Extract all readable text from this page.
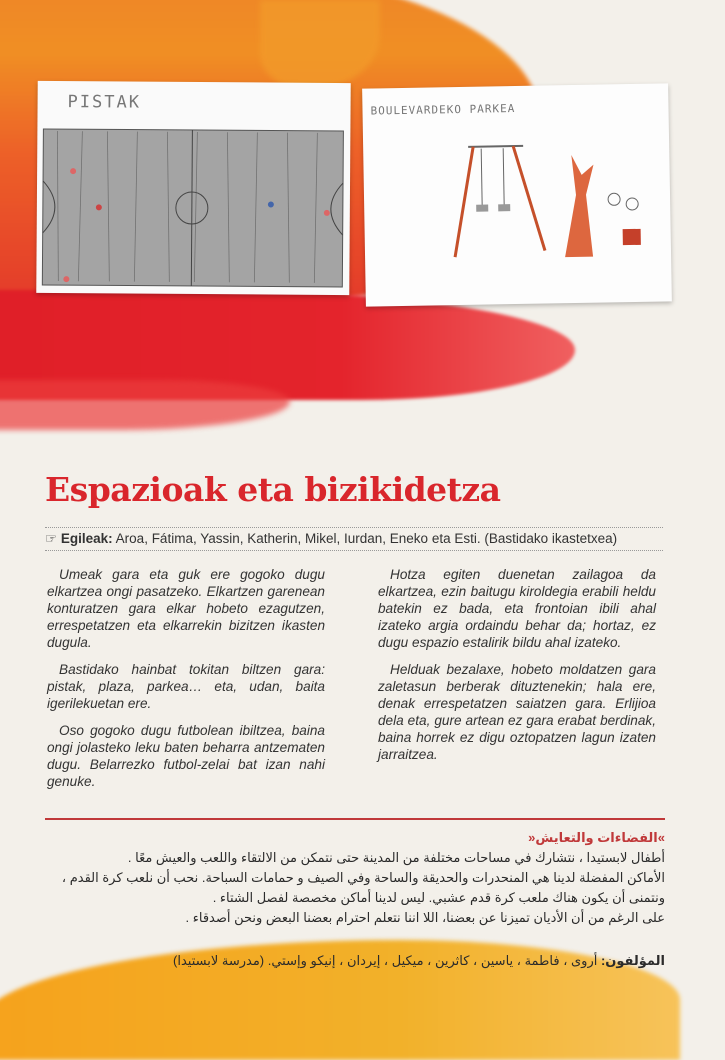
PISTAK	BOULEVARDEKO PARKEA
Espazioak eta bizikidetza
☞ Egileak: Aroa, Fátima, Yassin, Katherin, Mikel, Iurdan, Eneko eta Esti. (Bastidako ikastetxea)

Umeak gara eta guk ere gogoko dugu elkartzea ongi pasatzeko. Elkartzen garenean konturatzen gara elkar hobeto ezagutzen, errespetatzen eta elkarrekin bizitzen ikasten dugula.

Bastidako hainbat tokitan biltzen gara: pistak, plaza, parkea… eta, udan, baita igerilekuetan ere.

Oso gogoko dugu futbolean ibiltzea, baina ongi jolasteko leku baten beharra antzematen dugu. Belarrezko futbol-zelai bat izan nahi genuke.

Hotza egiten duenetan zailagoa da elkartzea, ezin baitugu kiroldegia erabili heldu batekin ez bada, eta frontoian ibili ahal izateko argia ordaindu behar da; hortaz, ez dugu espazio estalirik bildu ahal izateko.

Helduak bezalaxe, hobeto moldatzen gara zaletasun berberak dituztenekin; hala ere, denak errespetatzen saiatzen gara. Erlijioa dela eta, gure artean ez gara erabat berdinak, baina horrek ez digu oztopatzen lagun izaten jarraitzea.

»الفضاءات والتعايش«

أطفال لابستيدا ، نتشارك في مساحات مختلفة من المدينة حتى نتمكن من الالتقاء واللعب والعيش معًا .

الأماكن المفضلة لدينا هي المنحدرات والحديقة والساحة وفي الصيف و حمامات السباحة. نحب أن نلعب كرة القدم ، ونتمنى أن يكون هناك ملعب كرة قدم عشبي. ليس لدينا أماكن مخصصة لفصل الشتاء .

على الرغم من أن الأديان تميزنا عن بعضنا، اللا اننا نتعلم احترام بعضنا البعض ونحن أصدقاء .

المؤلفون: أروى ، فاطمة ، ياسين ، كاثرين ، ميكيل ، إيردان ، إنيكو وإستي. (مدرسة لابستيدا)
